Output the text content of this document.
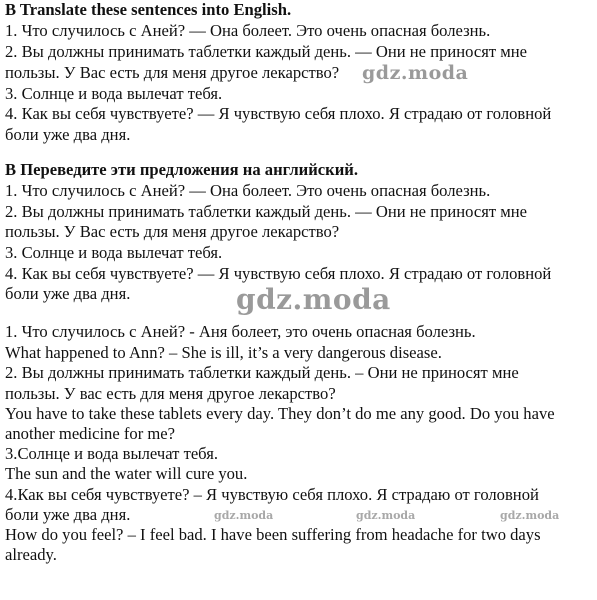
B Translate these sentences into English.
1. Что случилось с Аней? — Она болеет. Это очень опасная болезнь.
2. Вы должны принимать таблетки каждый день. — Они не приносят мне
пользы. У Вас есть для меня другое лекарство?
3. Солнце и вода вылечат тебя.
4. Как вы себя чувствуете? — Я чувствую себя плохо. Я страдаю от головной
боли уже два дня.
B Переведите эти предложения на английский.
1. Что случилось с Аней? — Она болеет. Это очень опасная болезнь.
2. Вы должны принимать таблетки каждый день. — Они не приносят мне
пользы. У Вас есть для меня другое лекарство?
3. Солнце и вода вылечат тебя.
4. Как вы себя чувствуете? — Я чувствую себя плохо. Я страдаю от головной
боли уже два дня.
1. Что случилось с Аней? - Аня болеет, это очень опасная болезнь.
What happened to Ann? – She is ill, it’s a very dangerous disease.
2. Вы должны принимать таблетки каждый день. – Они не приносят мне
пользы. У вас есть для меня другое лекарство?
You have to take these tablets every day. They don’t do me any good. Do you have
another medicine for me?
3.Солнце и вода вылечат тебя.
The sun and the water will cure you.
4.Как вы себя чувствуете? – Я чувствую себя плохо. Я страдаю от головной
боли уже два дня.
How do you feel? – I feel bad. I have been suffering from headache for two days
already.
gdz.moda
gdz.moda
gdz.moda	gdz.moda	gdz.moda
